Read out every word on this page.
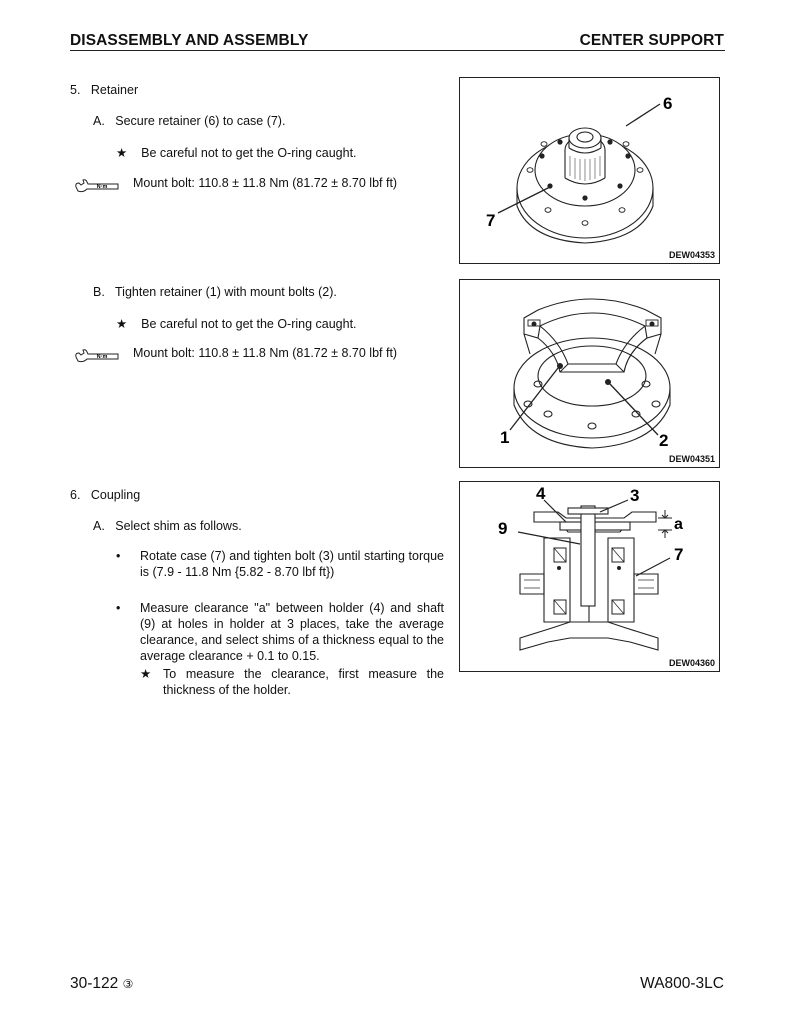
DISASSEMBLY AND ASSEMBLY	CENTER SUPPORT
5. Retainer
A. Secure retainer (6) to case (7).
★ Be careful not to get the O-ring caught.
N·m Mount bolt: 110.8 ± 11.8 Nm (81.72 ± 8.70 lbf ft)
6
7
DEW04353
B. Tighten retainer (1) with mount bolts (2).
★ Be careful not to get the O-ring caught.
N·m Mount bolt: 110.8 ± 11.8 Nm (81.72 ± 8.70 lbf ft)
1	2
DEW04351
6. Coupling
A. Select shim as follows.
• Rotate case (7) and tighten bolt (3) until starting torque is (7.9 - 11.8 Nm {5.82 - 8.70 lbf ft})
• Measure clearance "a" between holder (4) and shaft (9) at holes in holder at 3 places, take the average clearance, and select shims of a thickness equal to the average clearance + 0.1 to 0.15.
★ To measure the clearance, first measure the thickness of the holder.
4	3
9	a
7
DEW04360
30-122 ③	WA800-3LC
